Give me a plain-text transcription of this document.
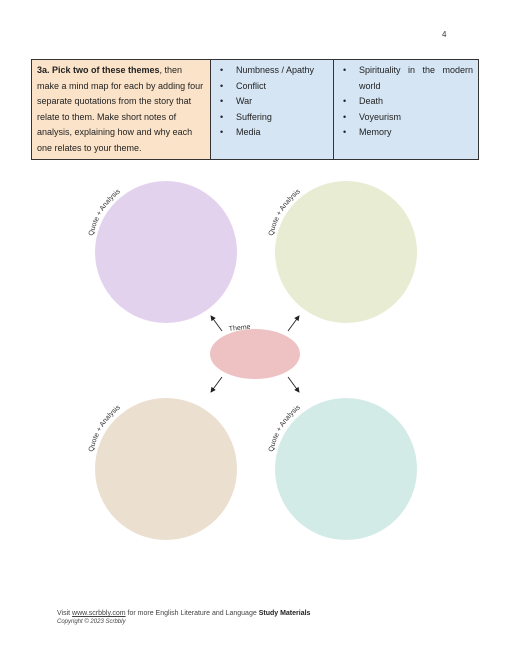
4
3a. Pick two of these themes, then make a mind map for each by adding four separate quotations from the story that relate to them. Make short notes of analysis, explaining how and why each one relates to your theme.	
• Numbness / Apathy
• Conflict
• War
• Suffering
• Media

• Spirituality in the modern world
• Death
• Voyeurism
• Memory
Quote + Analysis
Quote + Analysis
Quote + Analysis
Quote + Analysis
Theme
Visit www.scrbbly.com for more English Literature and Language Study Materials
Copyright © 2023 Scrbbly
